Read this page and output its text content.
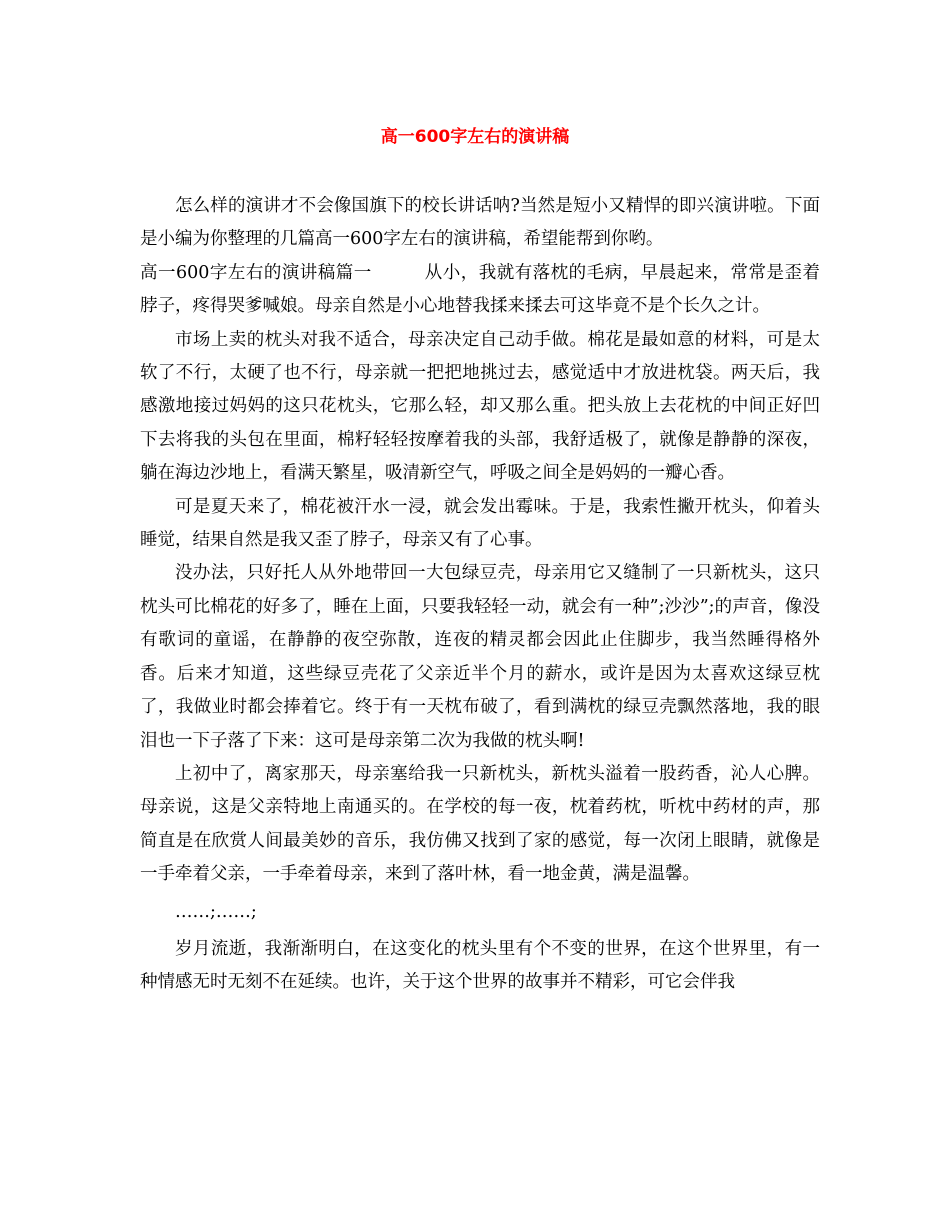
高一600字左右的演讲稿

怎么样的演讲才不会像国旗下的校长讲话呐?当然是短小又精悍的即兴演讲啦。下面是小编为你整理的几篇高一600字左右的演讲稿，希望能帮到你哟。

高一600字左右的演讲稿篇一	从小，我就有落枕的毛病，早晨起来，常常是歪着脖子，疼得哭爹喊娘。母亲自然是小心地替我揉来揉去可这毕竟不是个长久之计。

市场上卖的枕头对我不适合，母亲决定自己动手做。棉花是最如意的材料，可是太软了不行，太硬了也不行，母亲就一把把地挑过去，感觉适中才放进枕袋。两天后，我感激地接过妈妈的这只花枕头，它那么轻，却又那么重。把头放上去花枕的中间正好凹下去将我的头包在里面，棉籽轻轻按摩着我的头部，我舒适极了，就像是静静的深夜，躺在海边沙地上，看满天繁星，吸清新空气，呼吸之间全是妈妈的一瓣心香。

可是夏天来了，棉花被汗水一浸，就会发出霉味。于是，我索性撇开枕头，仰着头睡觉，结果自然是我又歪了脖子，母亲又有了心事。

没办法，只好托人从外地带回一大包绿豆壳，母亲用它又缝制了一只新枕头，这只枕头可比棉花的好多了，睡在上面，只要我轻轻一动，就会有一种”;沙沙”;的声音，像没有歌词的童谣，在静静的夜空弥散，连夜的精灵都会因此止住脚步，我当然睡得格外香。后来才知道，这些绿豆壳花了父亲近半个月的薪水，或许是因为太喜欢这绿豆枕了，我做业时都会捧着它。终于有一天枕布破了，看到满枕的绿豆壳飘然落地，我的眼泪也一下子落了下来：这可是母亲第二次为我做的枕头啊!

上初中了，离家那天，母亲塞给我一只新枕头，新枕头溢着一股药香，沁人心脾。母亲说，这是父亲特地上南通买的。在学校的每一夜，枕着药枕，听枕中药材的声，那简直是在欣赏人间最美妙的音乐，我仿佛又找到了家的感觉，每一次闭上眼睛，就像是一手牵着父亲，一手牵着母亲，来到了落叶林，看一地金黄，满是温馨。

……;……;

岁月流逝，我渐渐明白，在这变化的枕头里有个不变的世界，在这个世界里，有一种情感无时无刻不在延续。也许，关于这个世界的故事并不精彩，可它会伴我
